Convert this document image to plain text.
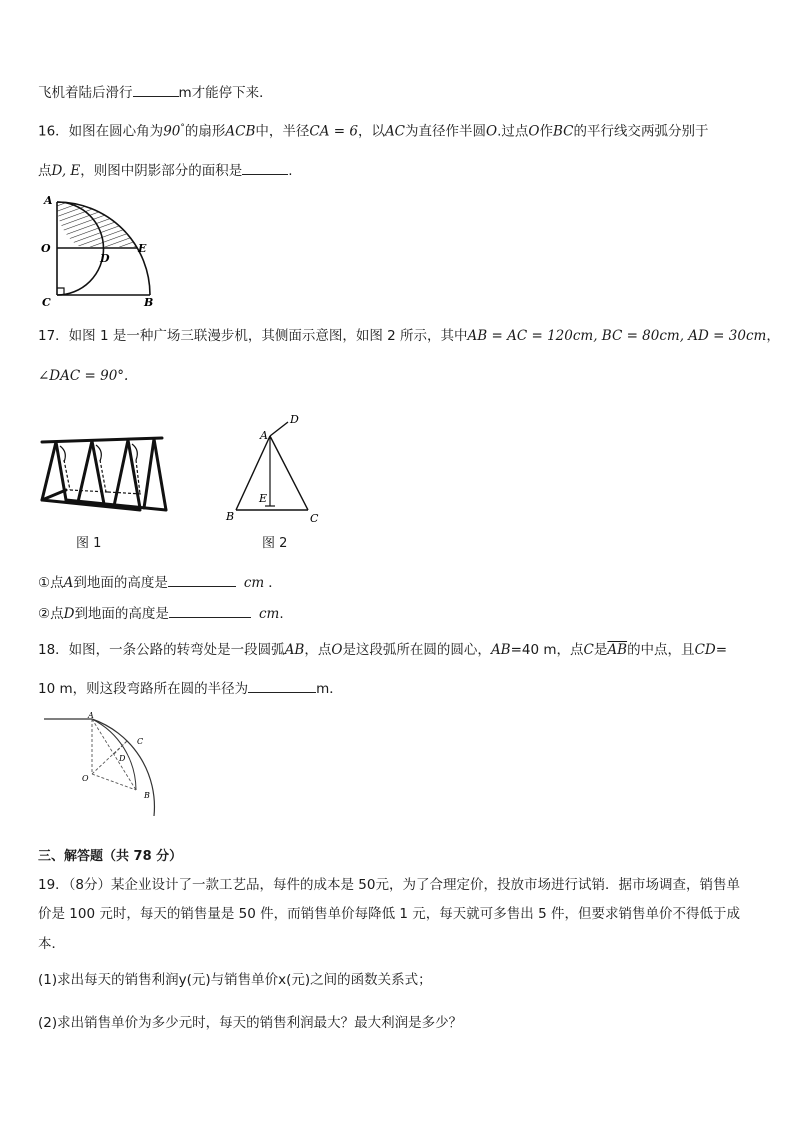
飞机着陆后滑行	m才能停下来．
16．如图在圆心角为90°的扇形ACB中，半径CA = 6，以AC为直径作半圆O.过点O作BC的平行线交两弧分别于
点D, E，则图中阴影部分的面积是	.
A
O
C
D
E
B
17．如图 1 是一种广场三联漫步机，其侧面示意图，如图 2 所示，其中AB = AC = 120cm, BC = 80cm, AD = 30cm，
∠DAC = 90°.
图 1
A
D
E
B	C
图 2
①点A到地面的高度是	cm ．
②点D到地面的高度是	cm.
18．如图，一条公路的转弯处是一段圆弧AB，点O是这段弧所在圆的圆心，AB=40 m，点C是$\overline{AB}$的中点，且CD=
10 m，则这段弯路所在圆的半径为	m．
A
C
D
O
B
三、解答题（共 78 分）
19．（8分）某企业设计了一款工艺品，每件的成本是 50元，为了合理定价，投放市场进行试销．据市场调查，销售单
价是 100 元时，每天的销售量是 50 件，而销售单价每降低 1 元，每天就可多售出 5 件，但要求销售单价不得低于成
本．
(1)求出每天的销售利润y(元)与销售单价x(元)之间的函数关系式；
(2)求出销售单价为多少元时，每天的销售利润最大？最大利润是多少？
